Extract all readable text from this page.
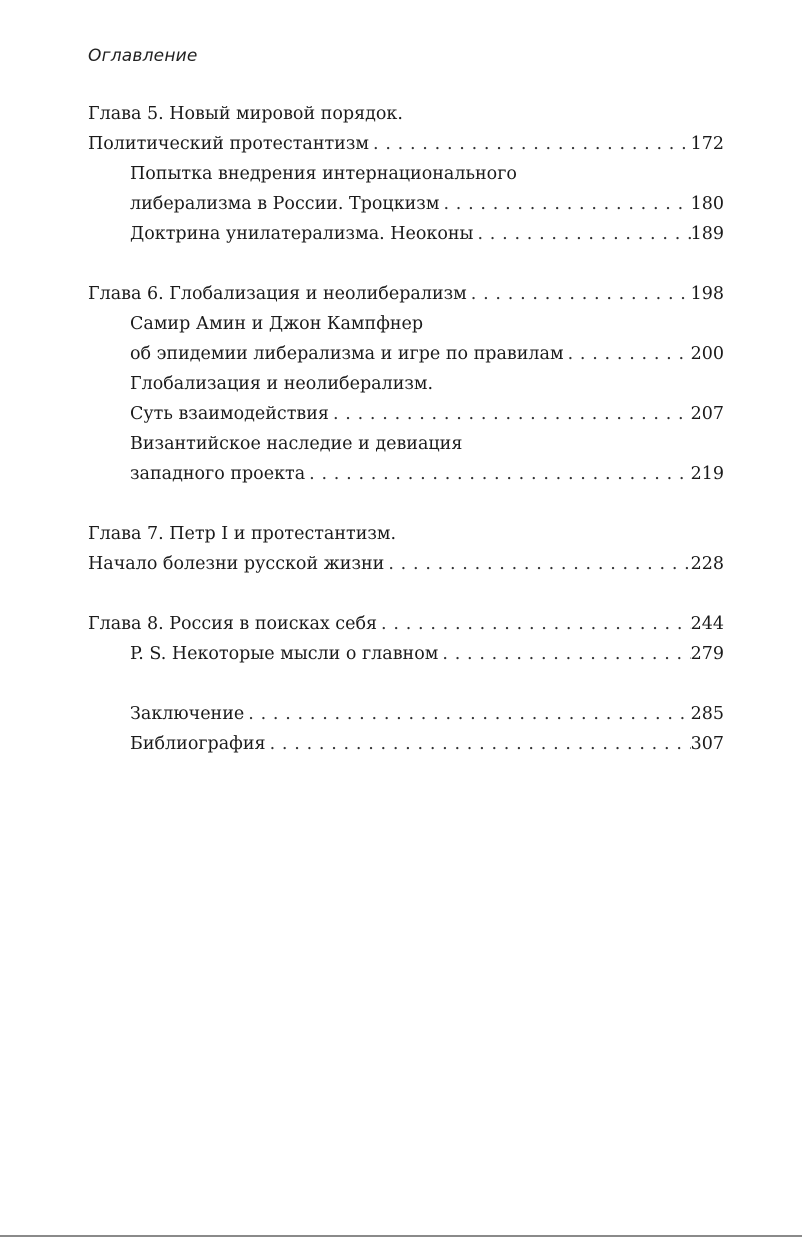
Оглавление
Глава 5. Новый мировой порядок.
Политический протестантизм . . .	172
Попытка внедрения интернационального
либерализма в России. Троцкизм . . .	180
Доктрина унилатерализма. Неоконы . . .	189
Глава 6. Глобализация и неолиберализм . . .	198
Самир Амин и Джон Кампфнер
об эпидемии либерализма и игре по правилам . . .	200
Глобализация и неолиберализм.
Суть взаимодействия . . .	207
Византийское наследие и девиация
западного проекта . . .	219
Глава 7. Петр I и протестантизм.
Начало болезни русской жизни . . .	228
Глава 8. Россия в поисках себя . . .	244
P. S. Некоторые мысли о главном . . .	279
Заключение . . .	285
Библиография . . .	307
